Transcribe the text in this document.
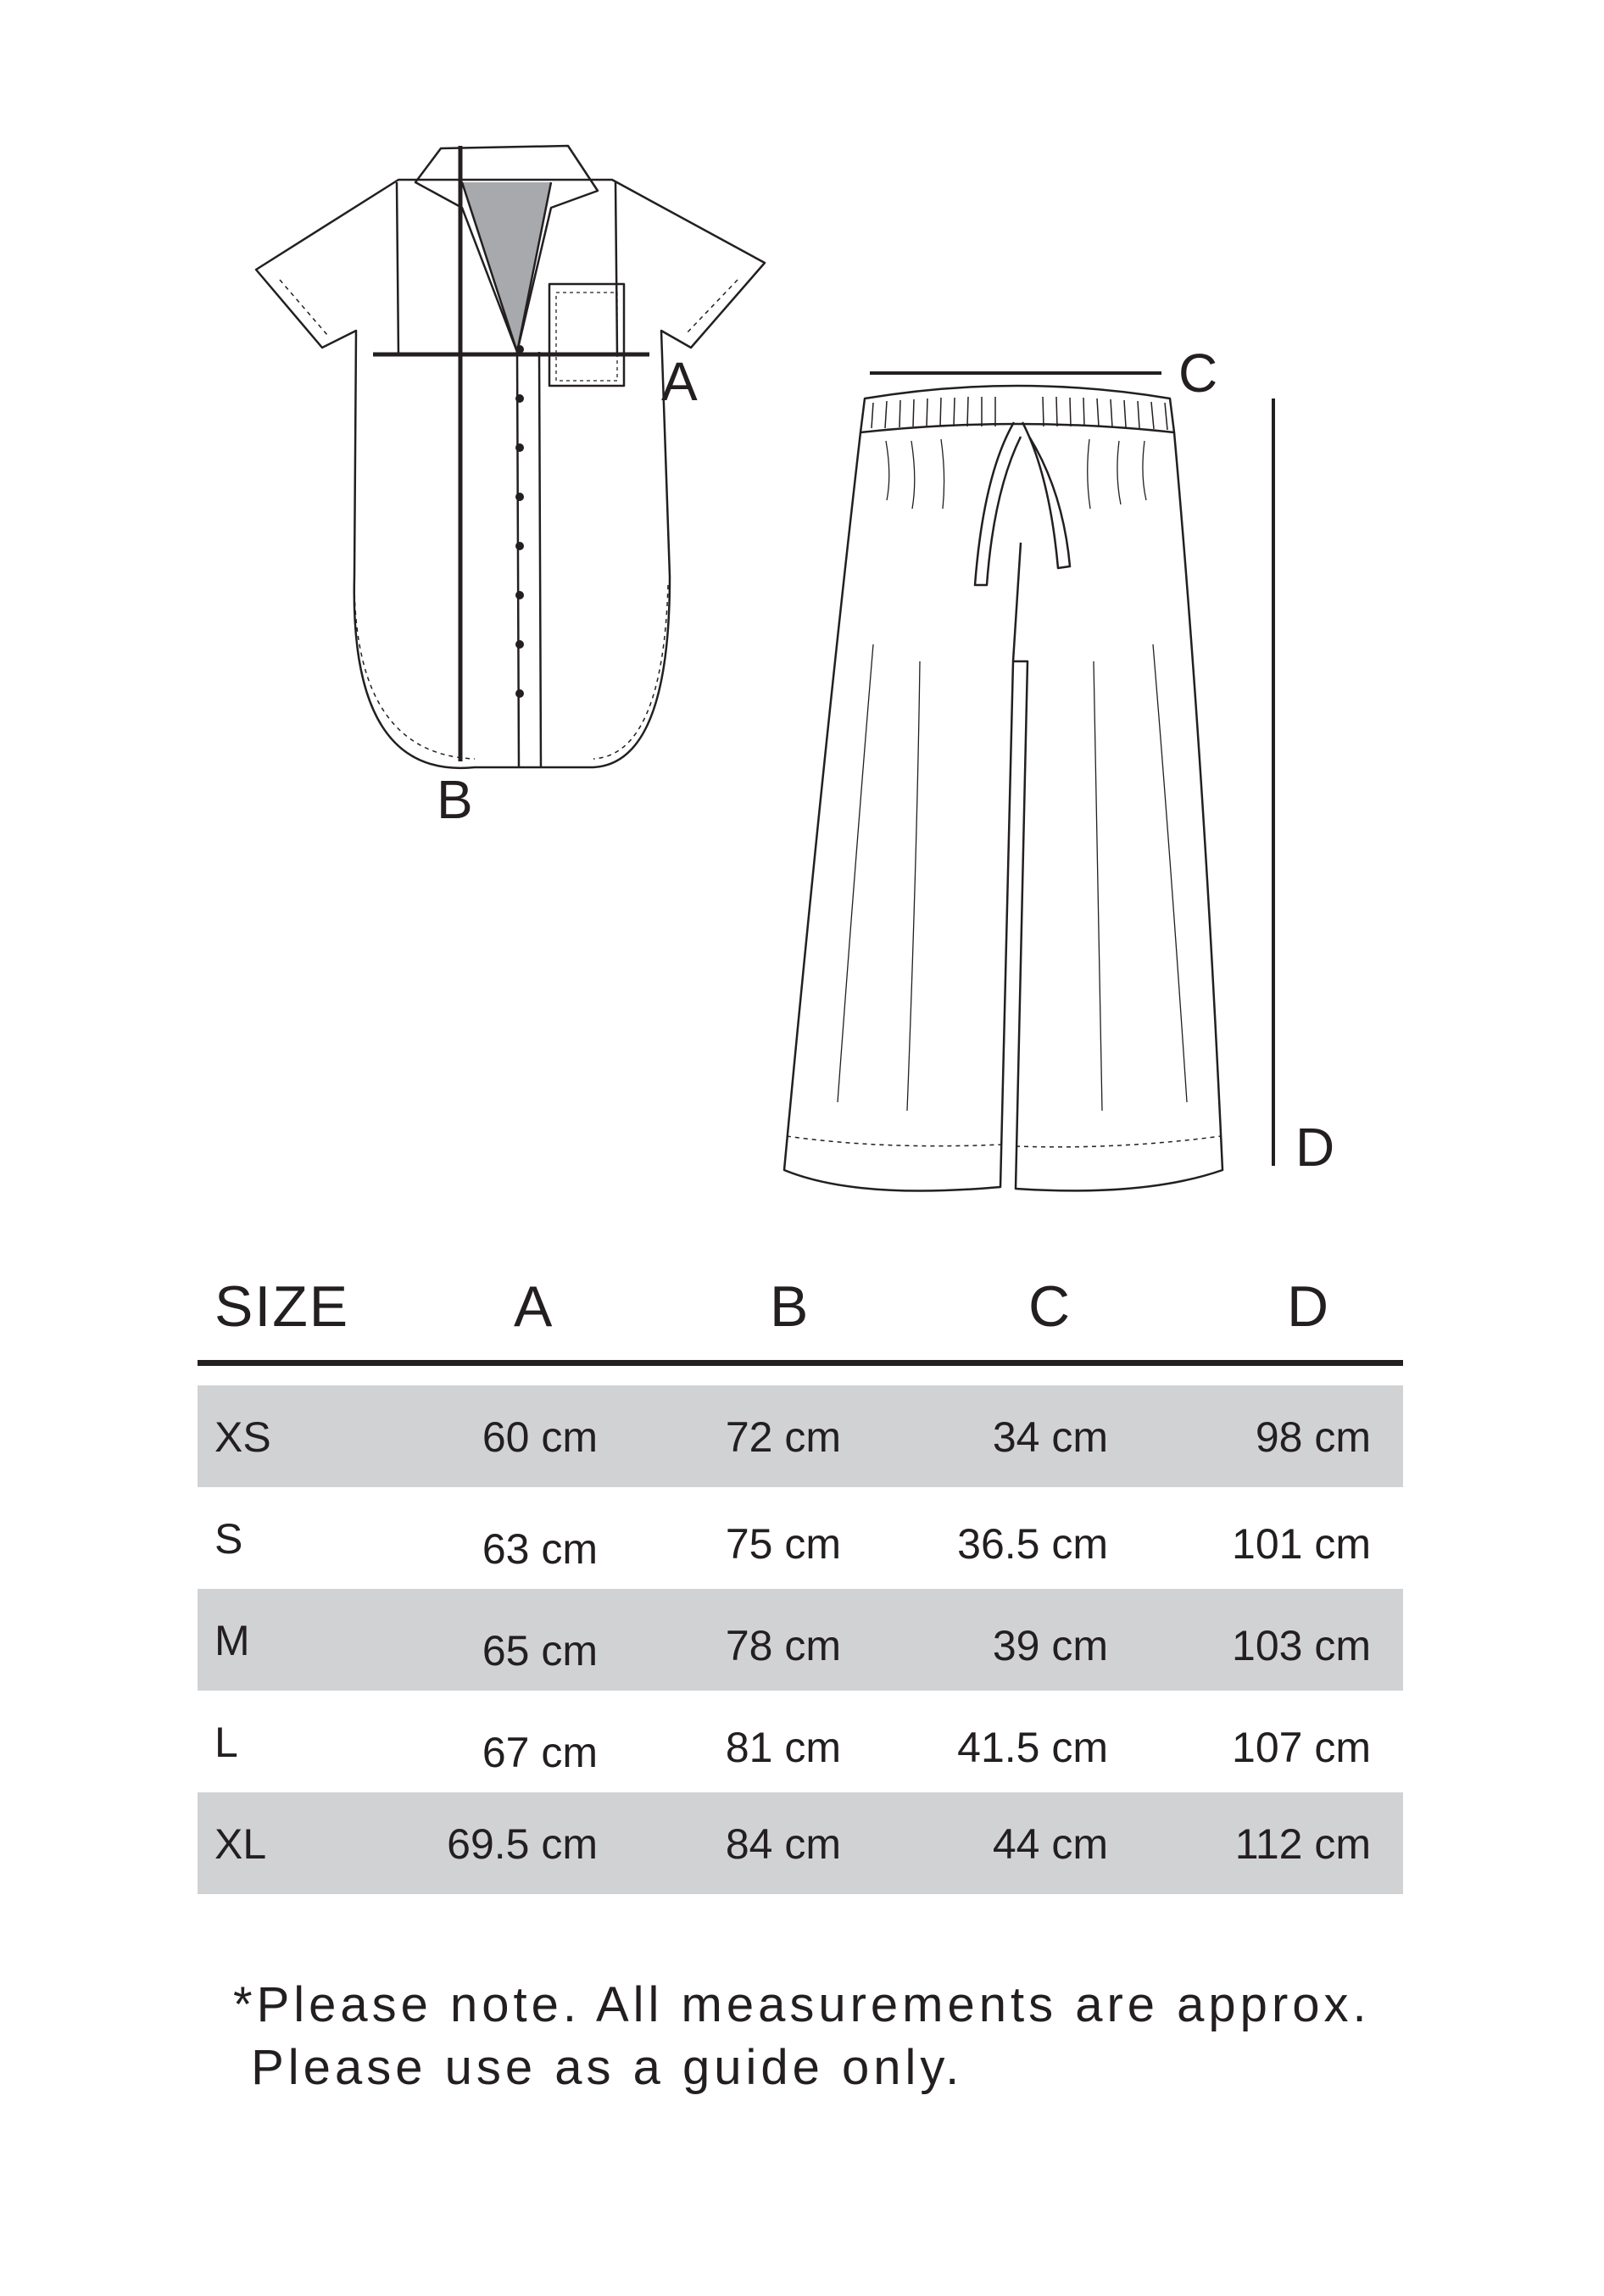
A
B
C
D
SIZE	A	B	C	D
XS	60 cm	72 cm	34 cm	98 cm
S	63 cm	75 cm	36.5 cm	101 cm
M	65 cm	78 cm	39 cm	103 cm
L	67 cm	81 cm	41.5 cm	107 cm
XL	69.5 cm	84 cm	44 cm	112 cm
*Please note. All measurements are approx.
Please use as a guide only.
